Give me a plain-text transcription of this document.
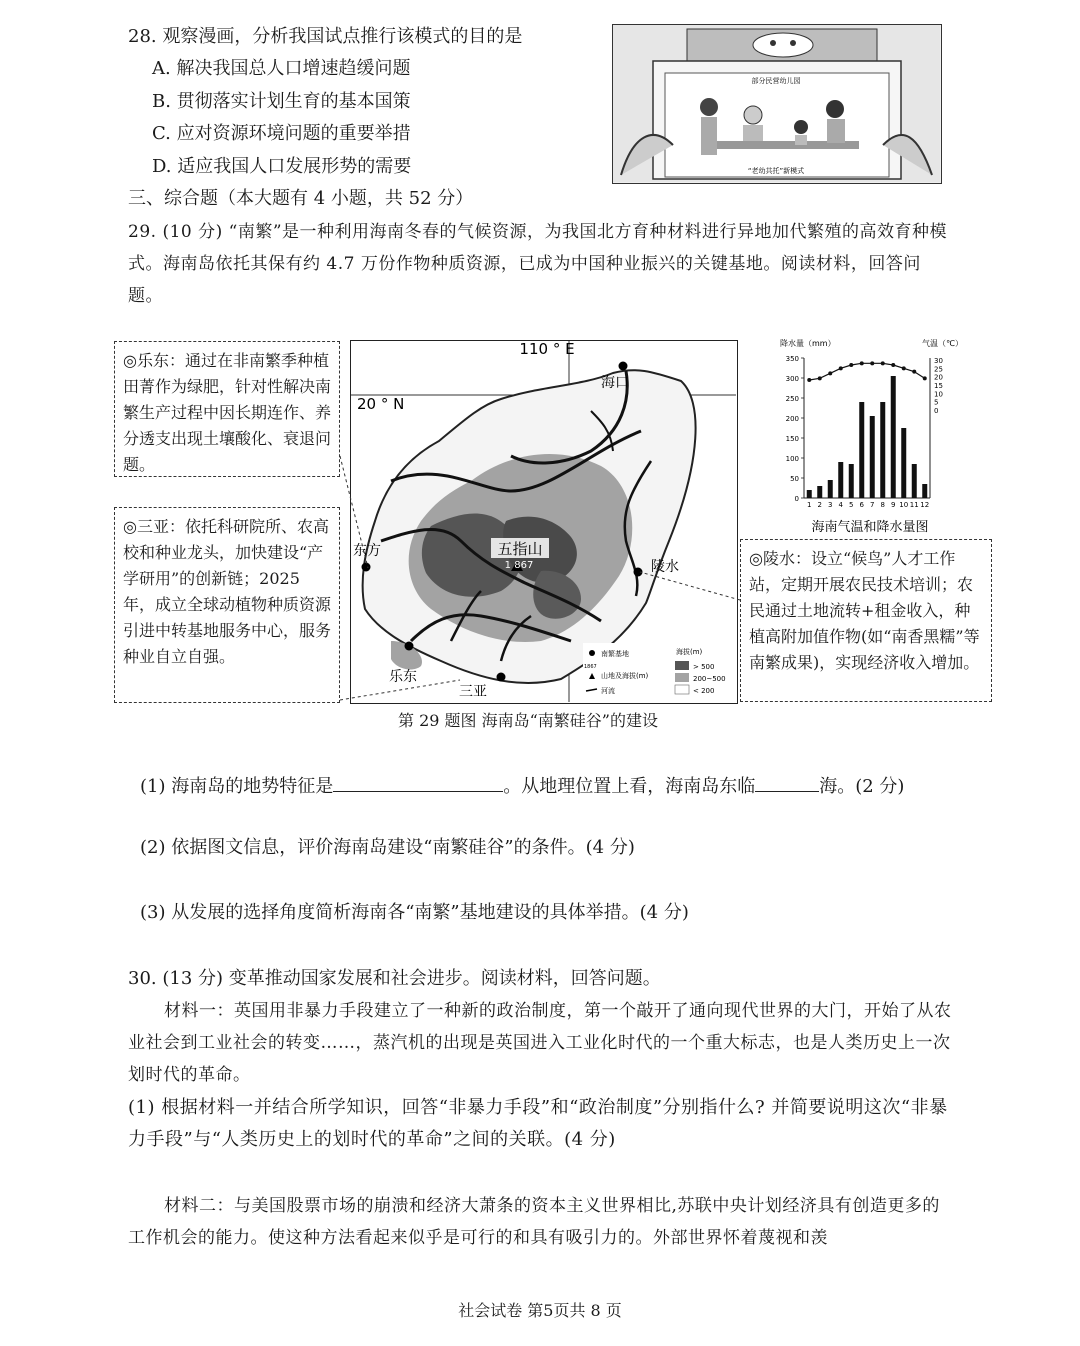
28. 观察漫画，分析我国试点推行该模式的目的是
A. 解决我国总人口增速趋缓问题
B. 贯彻落实计划生育的基本国策
C. 应对资源环境问题的重要举措
D. 适应我国人口发展形势的需要
部分民营幼儿园
“老幼共托”新模式
三、综合题（本大题有 4 小题，共 52 分）
29. (10 分) “南繁”是一种利用海南冬春的气候资源，为我国北方育种材料进行异地加代繁殖的高效育种模式。海南岛依托其保有约 4.7 万份作物种质资源，已成为中国种业振兴的关键基地。阅读材料，回答问题。
◎乐东：通过在非南繁季种植田菁作为绿肥，针对性解决南繁生产过程中因长期连作、养分透支出现土壤酸化、衰退问题。
◎三亚：依托科研院所、农高校和种业龙头，加快建设“产学研用”的创新链；2025 年，成立全球动植物种质资源引进中转基地服务中心，服务种业自立自强。
◎陵水：设立“候鸟”人才工作站，定期开展农民技术培训；农民通过土地流转+租金收入，种植高附加值作物(如“南香黑糯”等南繁成果)，实现经济收入增加。
110 ° E
20 ° N
海口
东方
乐东
三亚
陵水
五指山
1 867
南繁基地
1867
山地及海拔(m)
河流
海拔(m)
> 500
200~500
< 200
降水量（mm）	气温（℃）
350
300
250
200
150
100
50
0
30
25
20
15
10
5
0
1 2 3 4 5 6 7 8 9 10 11 12
海南气温和降水量图
第 29 题图 海南岛“南繁硅谷”的建设
(1) 海南岛的地势特征是	。从地理位置上看，海南岛东临	海。(2 分)
(2) 依据图文信息，评价海南岛建设“南繁硅谷”的条件。(4 分)
(3) 从发展的选择角度简析海南各“南繁”基地建设的具体举措。(4 分)
30. (13 分) 变革推动国家发展和社会进步。阅读材料，回答问题。
材料一：英国用非暴力手段建立了一种新的政治制度，第一个敲开了通向现代世界的大门，开始了从农业社会到工业社会的转变……，蒸汽机的出现是英国进入工业化时代的一个重大标志，也是人类历史上一次划时代的革命。
(1) 根据材料一并结合所学知识，回答“非暴力手段”和“政治制度”分别指什么? 并简要说明这次“非暴力手段”与“人类历史上的划时代的革命”之间的关联。(4 分)
材料二：与美国股票市场的崩溃和经济大萧条的资本主义世界相比,苏联中央计划经济具有创造更多的工作机会的能力。使这种方法看起来似乎是可行的和具有吸引力的。外部世界怀着蔑视和羡
社会试卷 第5页共 8 页
